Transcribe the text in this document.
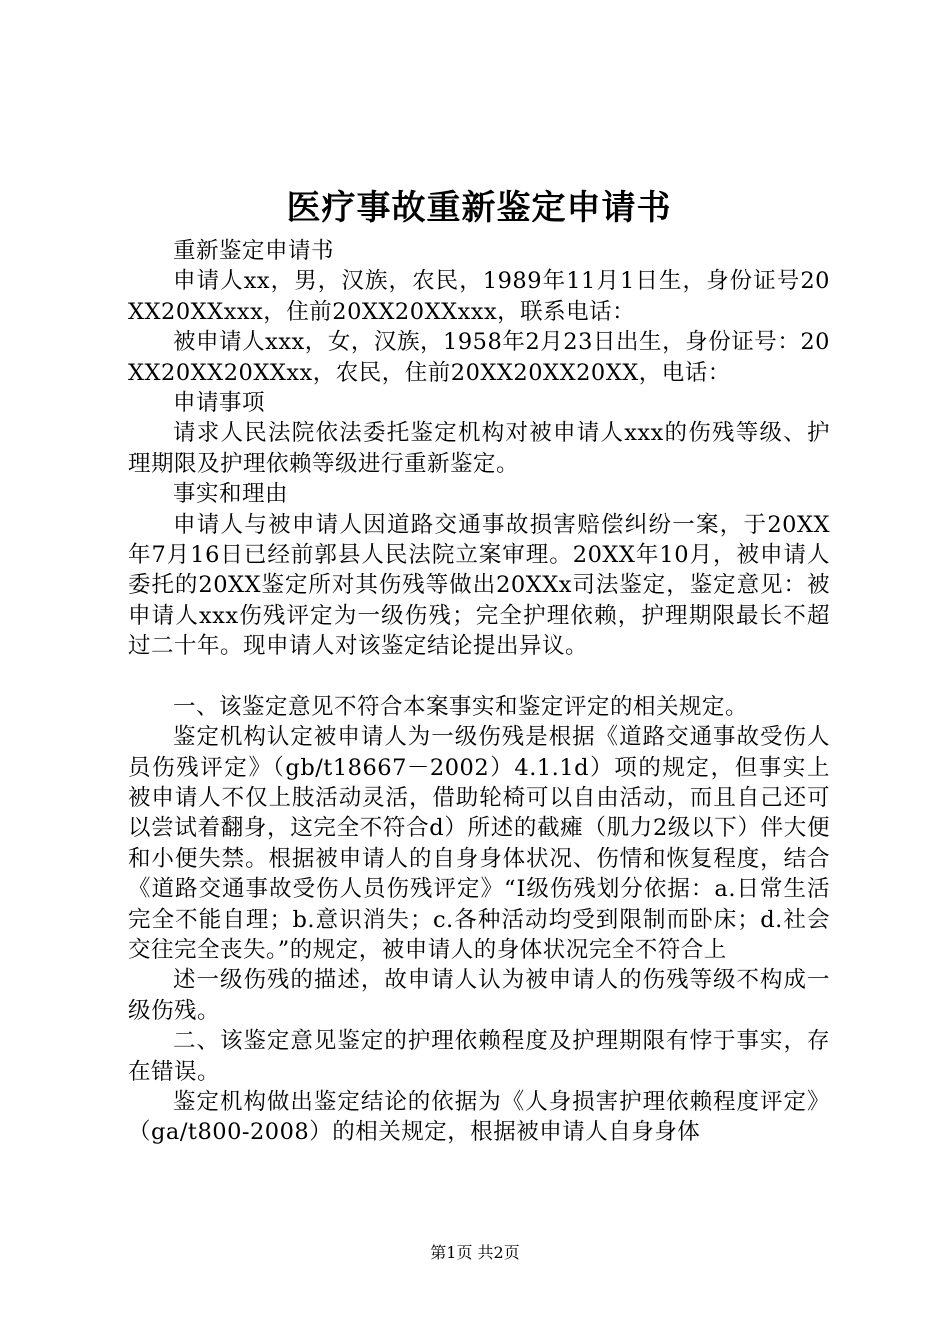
医疗事故重新鉴定申请书

重新鉴定申请书

申请人xx，男，汉族，农民，1989年11月1日生，身份证号20XX20XXxxx，住前20XX20XXxxx，联系电话：

被申请人xxx，女，汉族，1958年2月23日出生，身份证号：20XX20XX20XXxx，农民，住前20XX20XX20XX，电话：

申请事项

请求人民法院依法委托鉴定机构对被申请人xxx的伤残等级、护理期限及护理依赖等级进行重新鉴定。

事实和理由

申请人与被申请人因道路交通事故损害赔偿纠纷一案，于20XX年7月16日已经前郭县人民法院立案审理。20XX年10月，被申请人委托的20XX鉴定所对其伤残等做出20XXx司法鉴定，鉴定意见：被申请人xxx伤残评定为一级伤残；完全护理依赖，护理期限最长不超过二十年。现申请人对该鉴定结论提出异议。

一、该鉴定意见不符合本案事实和鉴定评定的相关规定。

鉴定机构认定被申请人为一级伤残是根据《道路交通事故受伤人员伤残评定》（gb/t18667－2002）4.1.1d）项的规定，但事实上被申请人不仅上肢活动灵活，借助轮椅可以自由活动，而且自己还可以尝试着翻身，这完全不符合d）所述的截瘫（肌力2级以下）伴大便和小便失禁。根据被申请人的自身身体状况、伤情和恢复程度，结合《道路交通事故受伤人员伤残评定》“Ⅰ级伤残划分依据：a.日常生活完全不能自理；b.意识消失；c.各种活动均受到限制而卧床；d.社会交往完全丧失。”的规定，被申请人的身体状况完全不符合上

述一级伤残的描述，故申请人认为被申请人的伤残等级不构成一级伤残。

二、该鉴定意见鉴定的护理依赖程度及护理期限有悖于事实，存在错误。

鉴定机构做出鉴定结论的依据为《人身损害护理依赖程度评定》（ga/t800-2008）的相关规定，根据被申请人自身身体

第1页 共2页
